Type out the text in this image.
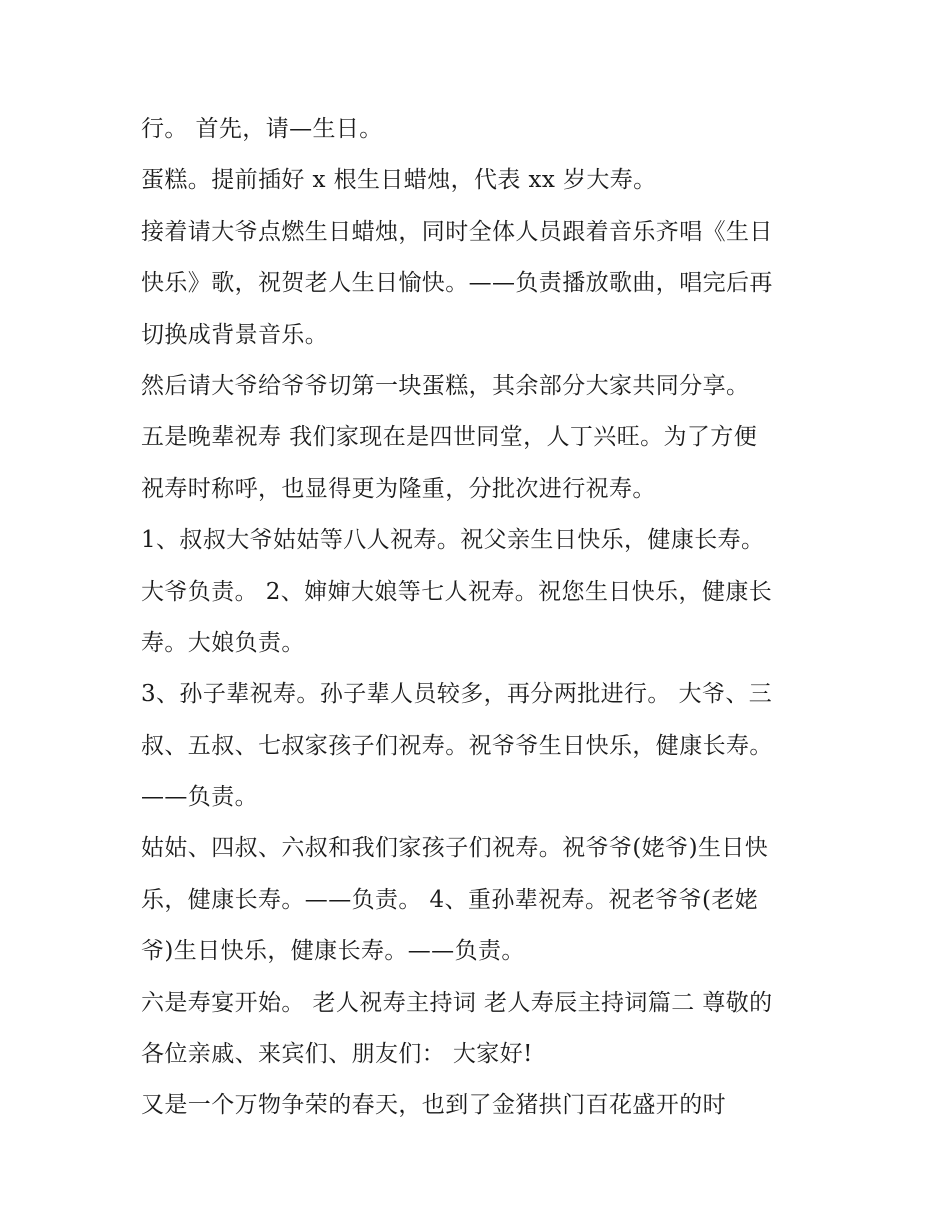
行。 首先，请—生日。
蛋糕。提前插好 x 根生日蜡烛，代表 xx 岁大寿。
接着请大爷点燃生日蜡烛，同时全体人员跟着音乐齐唱《生日
快乐》歌，祝贺老人生日愉快。——负责播放歌曲，唱完后再
切换成背景音乐。
然后请大爷给爷爷切第一块蛋糕，其余部分大家共同分享。
五是晚辈祝寿 我们家现在是四世同堂，人丁兴旺。为了方便
祝寿时称呼，也显得更为隆重，分批次进行祝寿。
1、叔叔大爷姑姑等八人祝寿。祝父亲生日快乐，健康长寿。
大爷负责。 2、婶婶大娘等七人祝寿。祝您生日快乐，健康长
寿。大娘负责。
3、孙子辈祝寿。孙子辈人员较多，再分两批进行。 大爷、三
叔、五叔、七叔家孩子们祝寿。祝爷爷生日快乐，健康长寿。
——负责。
姑姑、四叔、六叔和我们家孩子们祝寿。祝爷爷(姥爷)生日快
乐，健康长寿。——负责。 4、重孙辈祝寿。祝老爷爷(老姥
爷)生日快乐，健康长寿。——负责。
六是寿宴开始。 老人祝寿主持词 老人寿辰主持词篇二 尊敬的
各位亲戚、来宾们、朋友们： 大家好!
又是一个万物争荣的春天，也到了金猪拱门百花盛开的时
